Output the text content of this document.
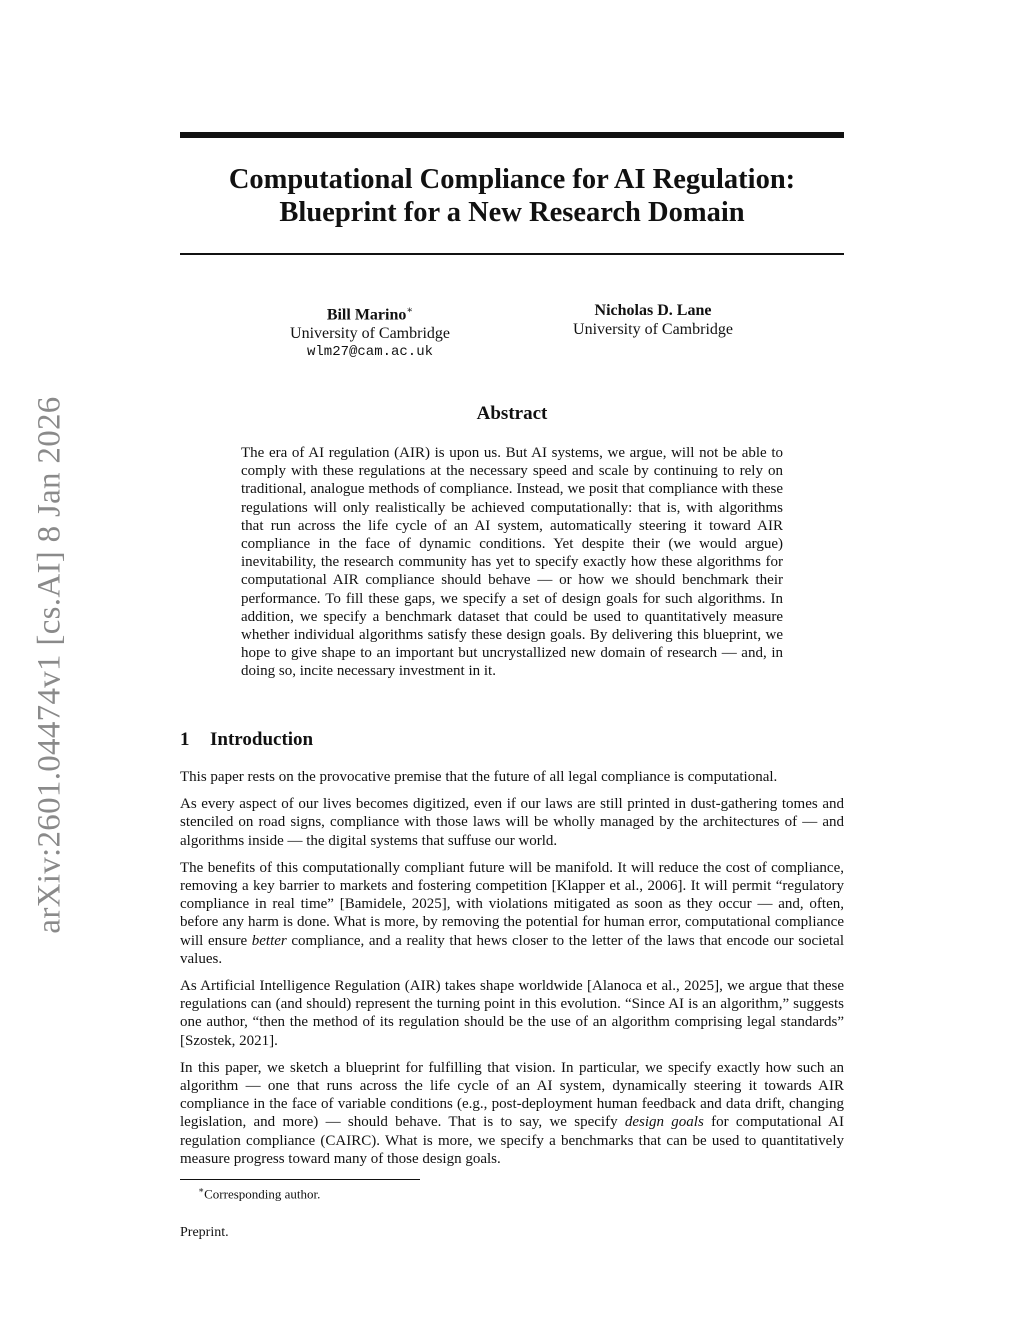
arXiv:2601.04474v1 [cs.AI] 8 Jan 2026
Computational Compliance for AI Regulation:
Blueprint for a New Research Domain
Bill Marino∗
University of Cambridge
wlm27@cam.ac.uk
Nicholas D. Lane
University of Cambridge
Abstract
The era of AI regulation (AIR) is upon us. But AI systems, we argue, will not be able to comply with these regulations at the necessary speed and scale by continuing to rely on traditional, analogue methods of compliance. Instead, we posit that compliance with these regulations will only realistically be achieved computationally: that is, with algorithms that run across the life cycle of an AI system, automatically steering it toward AIR compliance in the face of dynamic conditions. Yet despite their (we would argue) inevitability, the research community has yet to specify exactly how these algorithms for computational AIR compliance should behave — or how we should benchmark their performance. To fill these gaps, we specify a set of design goals for such algorithms. In addition, we specify a benchmark dataset that could be used to quantitatively measure whether individual algorithms satisfy these design goals. By delivering this blueprint, we hope to give shape to an important but uncrystallized new domain of research — and, in doing so, incite necessary investment in it.
1 Introduction

This paper rests on the provocative premise that the future of all legal compliance is computational.

As every aspect of our lives becomes digitized, even if our laws are still printed in dust-gathering tomes and stenciled on road signs, compliance with those laws will be wholly managed by the architectures of — and algorithms inside — the digital systems that suffuse our world.

The benefits of this computationally compliant future will be manifold. It will reduce the cost of compliance, removing a key barrier to markets and fostering competition [Klapper et al., 2006]. It will permit “regulatory compliance in real time” [Bamidele, 2025], with violations mitigated as soon as they occur — and, often, before any harm is done. What is more, by removing the potential for human error, computational compliance will ensure better compliance, and a reality that hews closer to the letter of the laws that encode our societal values.

As Artificial Intelligence Regulation (AIR) takes shape worldwide [Alanoca et al., 2025], we argue that these regulations can (and should) represent the turning point in this evolution. “Since AI is an algorithm,” suggests one author, “then the method of its regulation should be the use of an algorithm comprising legal standards” [Szostek, 2021].

In this paper, we sketch a blueprint for fulfilling that vision. In particular, we specify exactly how such an algorithm — one that runs across the life cycle of an AI system, dynamically steering it towards AIR compliance in the face of variable conditions (e.g., post-deployment human feedback and data drift, changing legislation, and more) — should behave. That is to say, we specify design goals for computational AI regulation compliance (CAIRC). What is more, we specify a benchmarks that can be used to quantitatively measure progress toward many of those design goals.

∗Corresponding author.
Preprint.
